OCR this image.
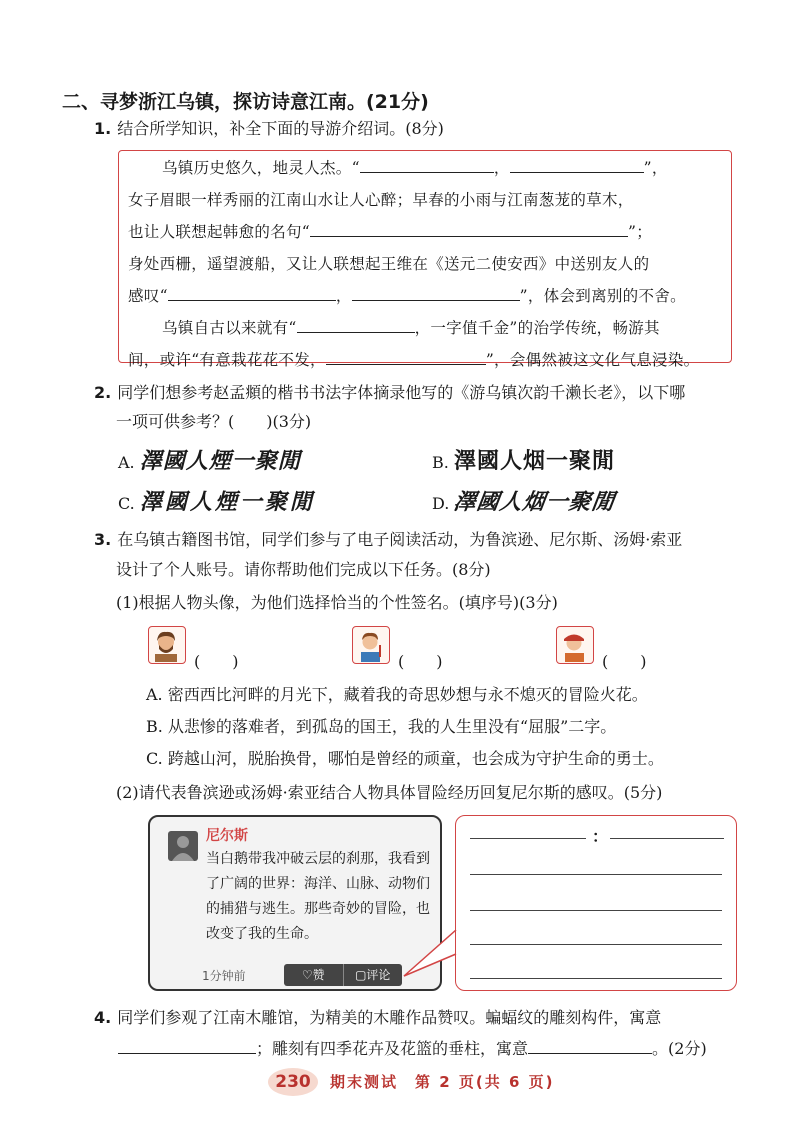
二、寻梦浙江乌镇，探访诗意江南。(21分)
1. 结合所学知识，补全下面的导游介绍词。(8分)
乌镇历史悠久，地灵人杰。“	，	”，
女子眉眼一样秀丽的江南山水让人心醉；早春的小雨与江南葱茏的草木，
也让人联想起韩愈的名句“	”；
身处西栅，遥望渡船，又让人联想起王维在《送元二使安西》中送别友人的
感叹“	，	”，体会到离别的不舍。
乌镇自古以来就有“	，一字值千金”的治学传统，畅游其
间，或许“有意栽花花不发，	”，会偶然被这文化气息浸染。
2. 同学们想参考赵孟頫的楷书书法字体摘录他写的《游乌镇次韵千濑长老》，以下哪
一项可供参考？(　　)(3分)
A. 澤國人煙一聚閒	B. 澤國人烟一聚閒
C. 澤國人煙一聚閒	D. 澤國人烟一聚閒
3. 在乌镇古籍图书馆，同学们参与了电子阅读活动，为鲁滨逊、尼尔斯、汤姆·索亚
设计了个人账号。请你帮助他们完成以下任务。(8分)
(1)根据人物头像，为他们选择恰当的个性签名。(填序号)(3分)
(　　)	(　　)	(　　)
A. 密西西比河畔的月光下，藏着我的奇思妙想与永不熄灭的冒险火花。
B. 从悲惨的落难者，到孤岛的国王，我的人生里没有“屈服”二字。
C. 跨越山河，脱胎换骨，哪怕是曾经的顽童，也会成为守护生命的勇士。
(2)请代表鲁滨逊或汤姆·索亚结合人物具体冒险经历回复尼尔斯的感叹。(5分)
尼尔斯
当白鹅带我冲破云层的刹那，我看到了广阔的世界：海洋、山脉、动物们的捕猎与逃生。那些奇妙的冒险，也改变了我的生命。
1分钟前	♡赞	▢评论
：
4. 同学们参观了江南木雕馆，为精美的木雕作品赞叹。蝙蝠纹的雕刻构件，寓意
；雕刻有四季花卉及花篮的垂柱，寓意	。(2分)
230	期末测试　第 2 页(共 6 页)
